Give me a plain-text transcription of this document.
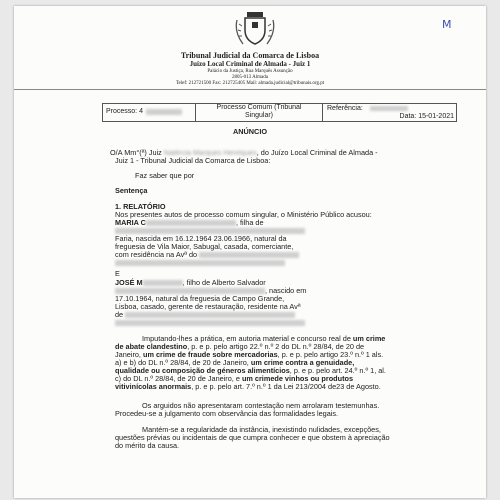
M
Tribunal Judicial da Comarca de Lisboa
Juízo Local Criminal de Almada - Juiz 1
Palácio da Justiça, Rua Marquês Assunção
2805-013 Almada
Telef: 212721500 Fax: 212725405 Mail: almada.judicial@tribunais.org.pt
Processo: 4
Processo Comum (Tribunal
Singular)
Referência:
Data: 15-01-2021
ANÚNCIO
O/A Mm°(ª) Juiz Natércia Marques Henriques, do Juízo Local Criminal de Almada -
Juiz 1 - Tribunal Judicial da Comarca de Lisboa:
Faz saber que por
Sentença
1. RELATÓRIO
Nos presentes autos de processo comum singular, o Ministério Público acusou:
MARIA C	, filha de
Faria, nascida em 16.12.1964 23.06.1966, natural da
freguesia de Vila Maior, Sabugal, casada, comerciante,
com residência na Avª do
E
JOSÉ M	, filho de Alberto Salvador
, nascido em
17.10.1964, natural da freguesia de Campo Grande,
Lisboa, casado, gerente de restauração, residente na Avª
de
Imputando-lhes a prática, em autoria material e concurso real de um crime
de abate clandestino, p. e p. pelo artigo 22.º n.º 2 do DL n.º 28/84, de 20 de
Janeiro, um crime de fraude sobre mercadorias, p. e p. pelo artigo 23.º n.º 1 als.
a) e b) do DL n.º 28/84, de 20 de Janeiro, um crime contra a genuidade,
qualidade ou composição de géneros alimentícios, p. e p. pelo art. 24.º n.º 1, al.
c) do DL n.º 28/84, de 20 de Janeiro, e um crimede vinhos ou produtos
vitivinícolas anormais, p. e p. pelo art. 7.º n.º 1 da Lei 213/2004 de23 de Agosto.
Os arguidos não apresentaram contestação nem arrolaram testemunhas.
Procedeu-se a julgamento com observância das formalidades legais.
Mantém-se a regularidade da instância, inexistindo nulidades, excepções,
questões prévias ou incidentais de que cumpra conhecer e que obstem à apreciação
do mérito da causa.
